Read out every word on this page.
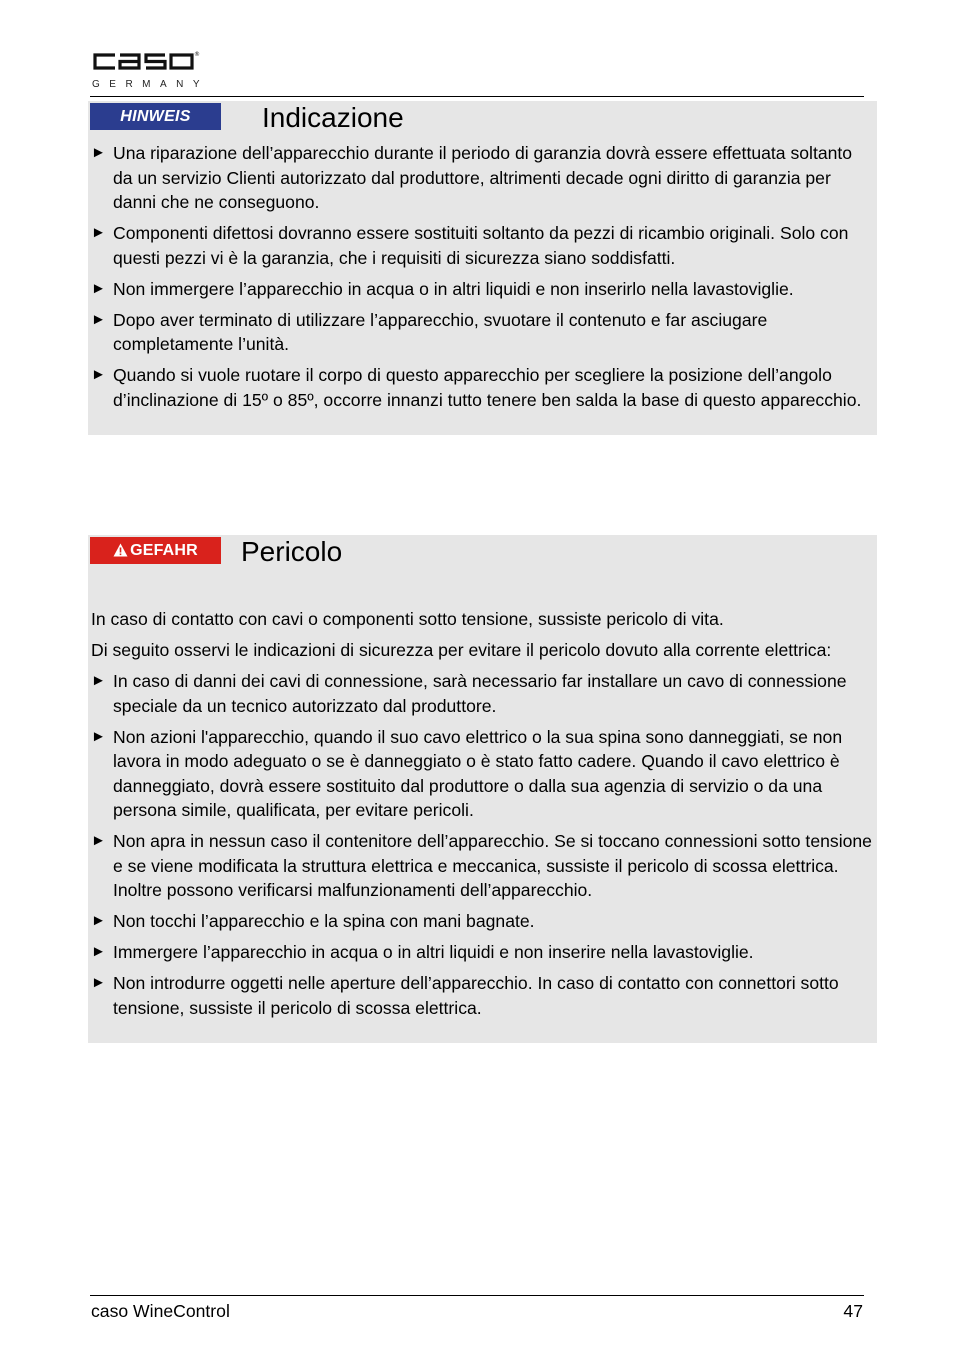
®
GERMANY
HINWEIS	Indicazione
► Una riparazione dell’apparecchio durante il periodo di garanzia dovrà essere effettuata soltanto da un servizio Clienti autorizzato dal produttore, altrimenti decade ogni diritto di garanzia per danni che ne conseguono.
► Componenti difettosi dovranno essere sostituiti soltanto da pezzi di ricambio originali. Solo con questi pezzi vi è la garanzia, che i requisiti di sicurezza siano soddisfatti.
► Non immergere l’apparecchio in acqua o in altri liquidi e non inserirlo nella lavastoviglie.
► Dopo aver terminato di utilizzare l’apparecchio, svuotare il contenuto e far asciugare completamente l’unità.
► Quando si vuole ruotare il corpo di questo apparecchio per scegliere la posizione dell’angolo d’inclinazione di 15º o 85º, occorre innanzi tutto tenere ben salda la base di questo apparecchio.
GEFAHR	Pericolo

In caso di contatto con cavi o componenti sotto tensione, sussiste pericolo di vita.

Di seguito osservi le indicazioni di sicurezza per evitare il pericolo dovuto alla corrente elettrica:

► In caso di danni dei cavi di connessione, sarà necessario far installare un cavo di connessione speciale da un tecnico autorizzato dal produttore.
► Non azioni l'apparecchio, quando il suo cavo elettrico o la sua spina sono danneggiati, se non lavora in modo adeguato o se è danneggiato o è stato fatto cadere. Quando il cavo elettrico è danneggiato, dovrà essere sostituito dal produttore o dalla sua agenzia di servizio o da una persona simile, qualificata, per evitare pericoli.
► Non apra in nessun caso il contenitore dell’apparecchio. Se si toccano connessioni sotto tensione e se viene modificata la struttura elettrica e meccanica, sussiste il pericolo di scossa elettrica. Inoltre possono verificarsi malfunzionamenti dell’apparecchio.
► Non tocchi l’apparecchio e la spina con mani bagnate.
► Immergere l’apparecchio in acqua o in altri liquidi e non inserire nella lavastoviglie.
► Non introdurre oggetti nelle aperture dell’apparecchio. In caso di contatto con connettori sotto tensione, sussiste il pericolo di scossa elettrica.
caso WineControl	47
